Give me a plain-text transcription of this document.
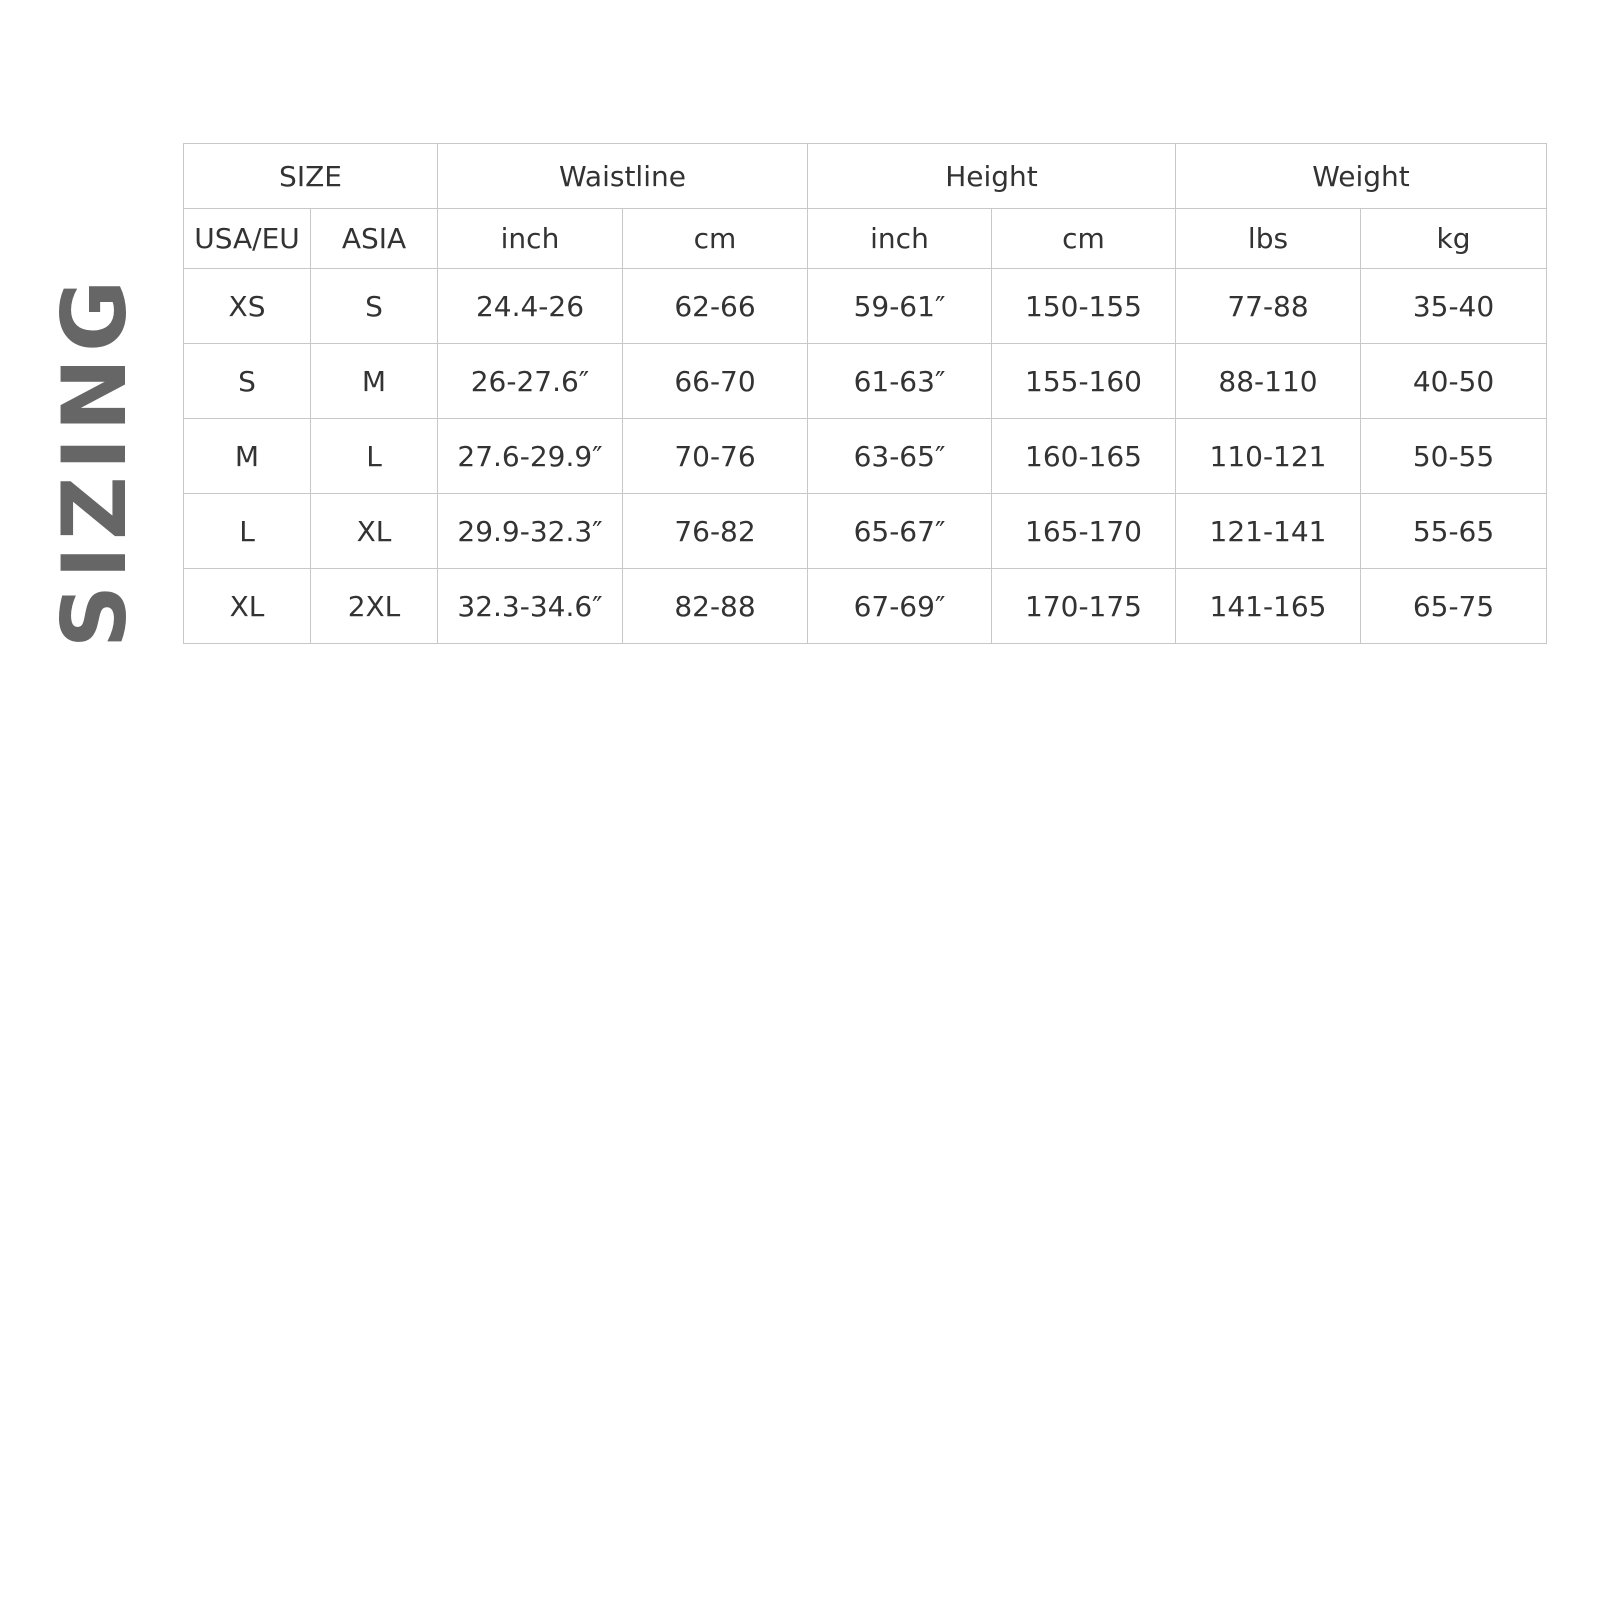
SIZING
SIZE		Waistline		Height		Weight	
USA/EU	ASIA	inch	cm	inch	cm	lbs	kg
XS	S	24.4-26	62-66	59-61″	150-155	77-88	35-40
S	M	26-27.6″	66-70	61-63″	155-160	88-110	40-50
M	L	27.6-29.9″	70-76	63-65″	160-165	110-121	50-55
L	XL	29.9-32.3″	76-82	65-67″	165-170	121-141	55-65
XL	2XL	32.3-34.6″	82-88	67-69″	170-175	141-165	65-75
